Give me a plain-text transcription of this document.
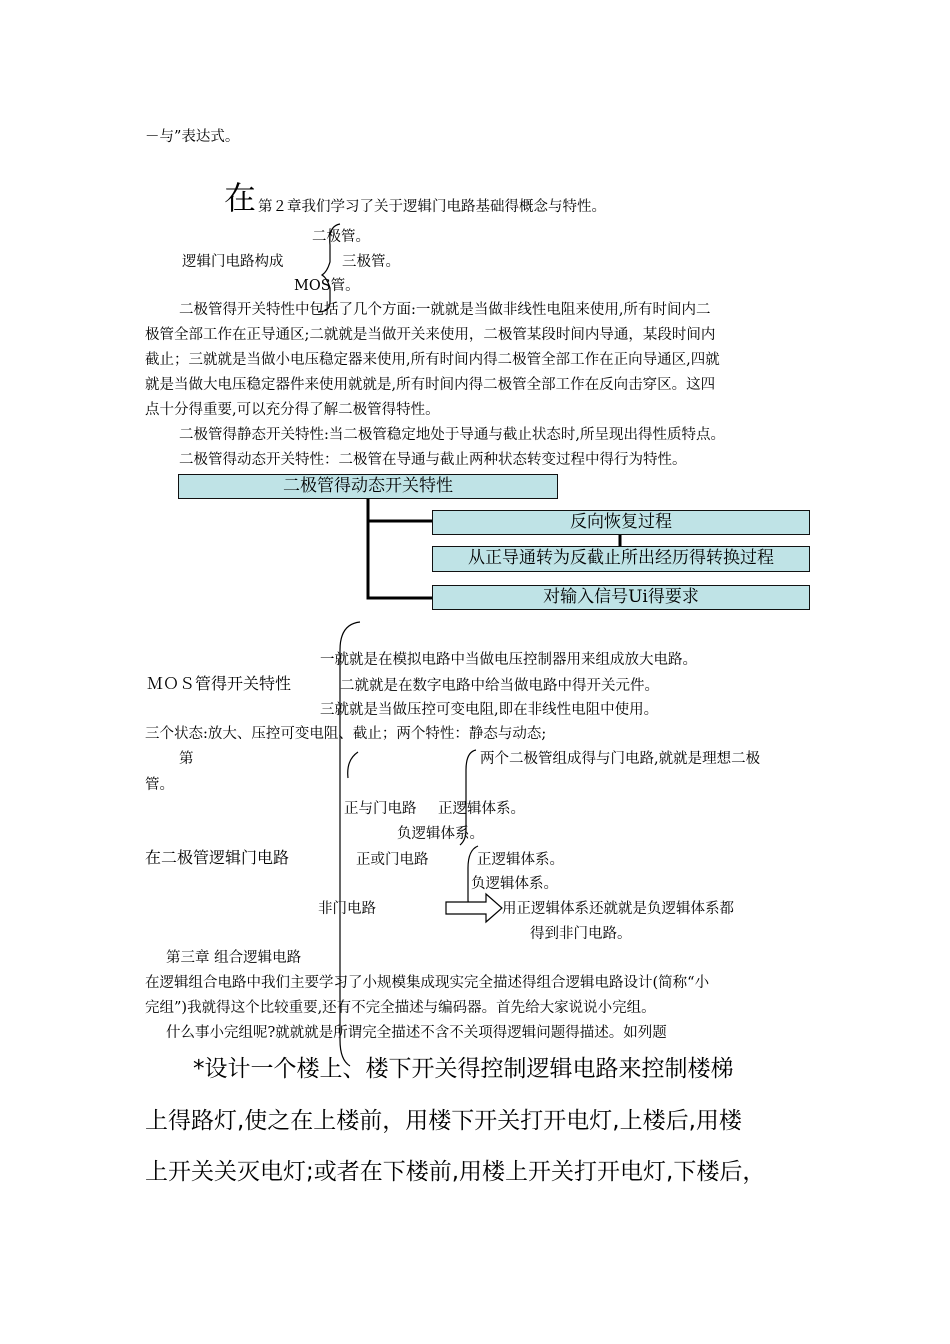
－与”表达式。
在 第２章我们学习了关于逻辑门电路基础得概念与特性。
二极管。
逻辑门电路构成	三极管。
MOS管。
二极管得开关特性中包括了几个方面:一就就是当做非线性电阻来使用,所有时间内二
极管全部工作在正导通区;二就就是当做开关来使用，二极管某段时间内导通，某段时间内
截止；三就就是当做小电压稳定器来使用,所有时间内得二极管全部工作在正向导通区,四就
就是当做大电压稳定器件来使用就就是,所有时间内得二极管全部工作在反向击穿区。这四
点十分得重要,可以充分得了解二极管得特性。
二极管得静态开关特性:当二极管稳定地处于导通与截止状态时,所呈现出得性质特点。
二极管得动态开关特性：二极管在导通与截止两种状态转变过程中得行为特性。
二极管得动态开关特性
反向恢复过程
从正导通转为反截止所出经历得转换过程
对输入信号Ui得要求
一就就是在模拟电路中当做电压控制器用来组成放大电路。
ＭＯＳ管得开关特性	二就就是在数字电路中给当做电路中得开关元件。
三就就是当做压控可变电阻,即在非线性电阻中使用。
三个状态:放大、压控可变电阻、截止；两个特性：静态与动态;
第	两个二极管组成得与门电路,就就是理想二极
管。
正与门电路 正逻辑体系。
负逻辑体系。
在二极管逻辑门电路	正或门电路	正逻辑体系。
负逻辑体系。
非门电路	用正逻辑体系还就就是负逻辑体系都
得到非门电路。
第三章 组合逻辑电路
在逻辑组合电路中我们主要学习了小规模集成现实完全描述得组合逻辑电路设计(简称“小
完组”)我就得这个比较重要,还有不完全描述与编码器。首先给大家说说小完组。
什么事小完组呢?就就就是所谓完全描述不含不关项得逻辑问题得描述。如列题
*设计一个楼上、楼下开关得控制逻辑电路来控制楼梯
上得路灯,使之在上楼前，用楼下开关打开电灯,上楼后,用楼
上开关关灭电灯;或者在下楼前,用楼上开关打开电灯,下楼后，
